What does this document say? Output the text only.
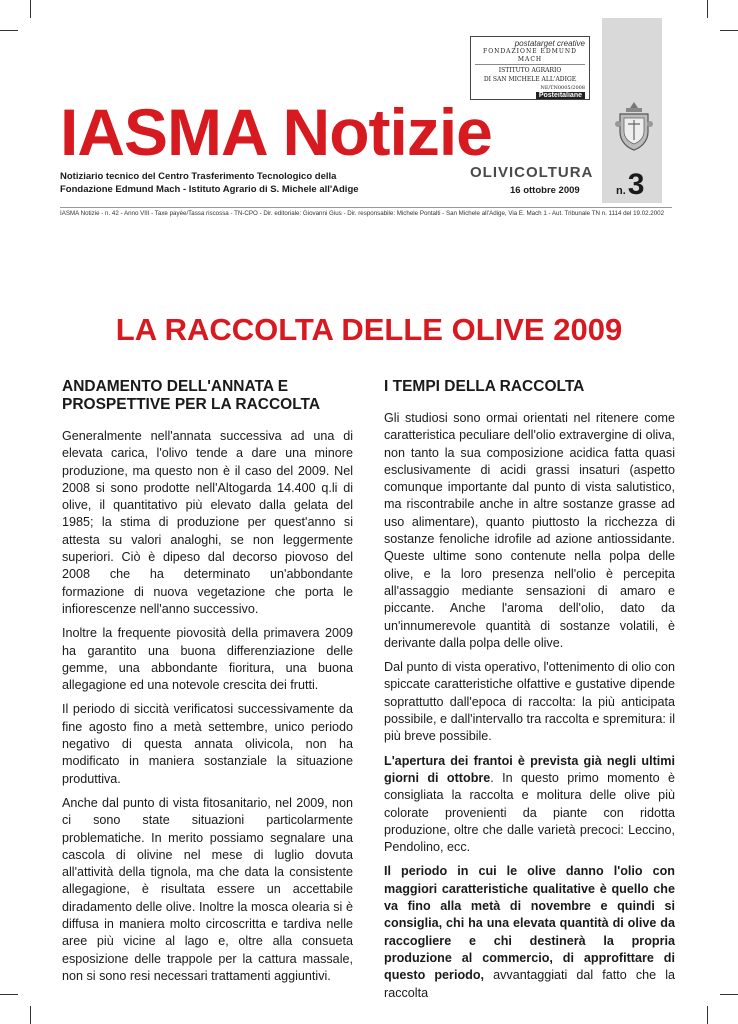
postatarget creative
FONDAZIONE EDMUND MACH
ISTITUTO AGRARIO
DI SAN MICHELE ALL'ADIGE
NE/TN0005/2008
Posteitaliane
IASMA Notizie
OLIVICOLTURA
Notiziario tecnico del Centro Trasferimento Tecnologico della
Fondazione Edmund Mach - Istituto Agrario di S. Michele all'Adige	16 ottobre 2009	n.3
IASMA Notizie - n. 42 - Anno VIII - Taxe payée/Tassa riscossa - TN-CPO - Dir. editoriale: Giovanni Gius - Dir. responsabile: Michele Pontalti - San Michele all'Adige, Via E. Mach 1 - Aut. Tribunale TN n. 1114 del 19.02.2002
LA RACCOLTA DELLE OLIVE 2009
ANDAMENTO DELL'ANNATA E PROSPETTIVE PER LA RACCOLTA

Generalmente nell'annata successiva ad una di elevata carica, l'olivo tende a dare una minore produzione, ma questo non è il caso del 2009. Nel 2008 si sono prodotte nell'Altogarda 14.400 q.li di olive, il quantitativo più elevato dalla gelata del 1985; la stima di produzione per quest'anno si attesta su valori analoghi, se non leggermente superiori. Ciò è dipeso dal decorso piovoso del 2008 che ha determinato un'abbondante formazione di nuova vegetazione che porta le infiorescenze nell'anno successivo.

Inoltre la frequente piovosità della primavera 2009 ha garantito una buona differenziazione delle gemme, una abbondante fioritura, una buona allegagione ed una notevole crescita dei frutti.

Il periodo di siccità verificatosi successivamente da fine agosto fino a metà settembre, unico periodo negativo di questa annata olivicola, non ha modificato in maniera sostanziale la situazione produttiva.

Anche dal punto di vista fitosanitario, nel 2009, non ci sono state situazioni particolarmente problematiche. In merito possiamo segnalare una cascola di olivine nel mese di luglio dovuta all'attività della tignola, ma che data la consistente allegagione, è risultata essere un accettabile diradamento delle olive. Inoltre la mosca olearia si è diffusa in maniera molto circoscritta e tardiva nelle aree più vicine al lago e, oltre alla consueta esposizione delle trappole per la cattura massale, non si sono resi necessari trattamenti aggiuntivi.

I TEMPI DELLA RACCOLTA

Gli studiosi sono ormai orientati nel ritenere come caratteristica peculiare dell'olio extravergine di oliva, non tanto la sua composizione acidica fatta quasi esclusivamente di acidi grassi insaturi (aspetto comunque importante dal punto di vista salutistico, ma riscontrabile anche in altre sostanze grasse ad uso alimentare), quanto piuttosto la ricchezza di sostanze fenoliche idrofile ad azione antiossidante. Queste ultime sono contenute nella polpa delle olive, e la loro presenza nell'olio è percepita all'assaggio mediante sensazioni di amaro e piccante. Anche l'aroma dell'olio, dato da un'innumerevole quantità di sostanze volatili, è derivante dalla polpa delle olive.

Dal punto di vista operativo, l'ottenimento di olio con spiccate caratteristiche olfattive e gustative dipende soprattutto dall'epoca di raccolta: la più anticipata possibile, e dall'intervallo tra raccolta e spremitura: il più breve possibile.

L'apertura dei frantoi è prevista già negli ultimi giorni di ottobre. In questo primo momento è consigliata la raccolta e molitura delle olive più colorate provenienti da piante con ridotta produzione, oltre che dalle varietà precoci: Leccino, Pendolino, ecc.

Il periodo in cui le olive danno l'olio con maggiori caratteristiche qualitative è quello che va fino alla metà di novembre e quindi si consiglia, chi ha una elevata quantità di olive da raccogliere e chi destinerà la propria produzione al commercio, di approfittare di questo periodo, avvantaggiati dal fatto che la raccolta
